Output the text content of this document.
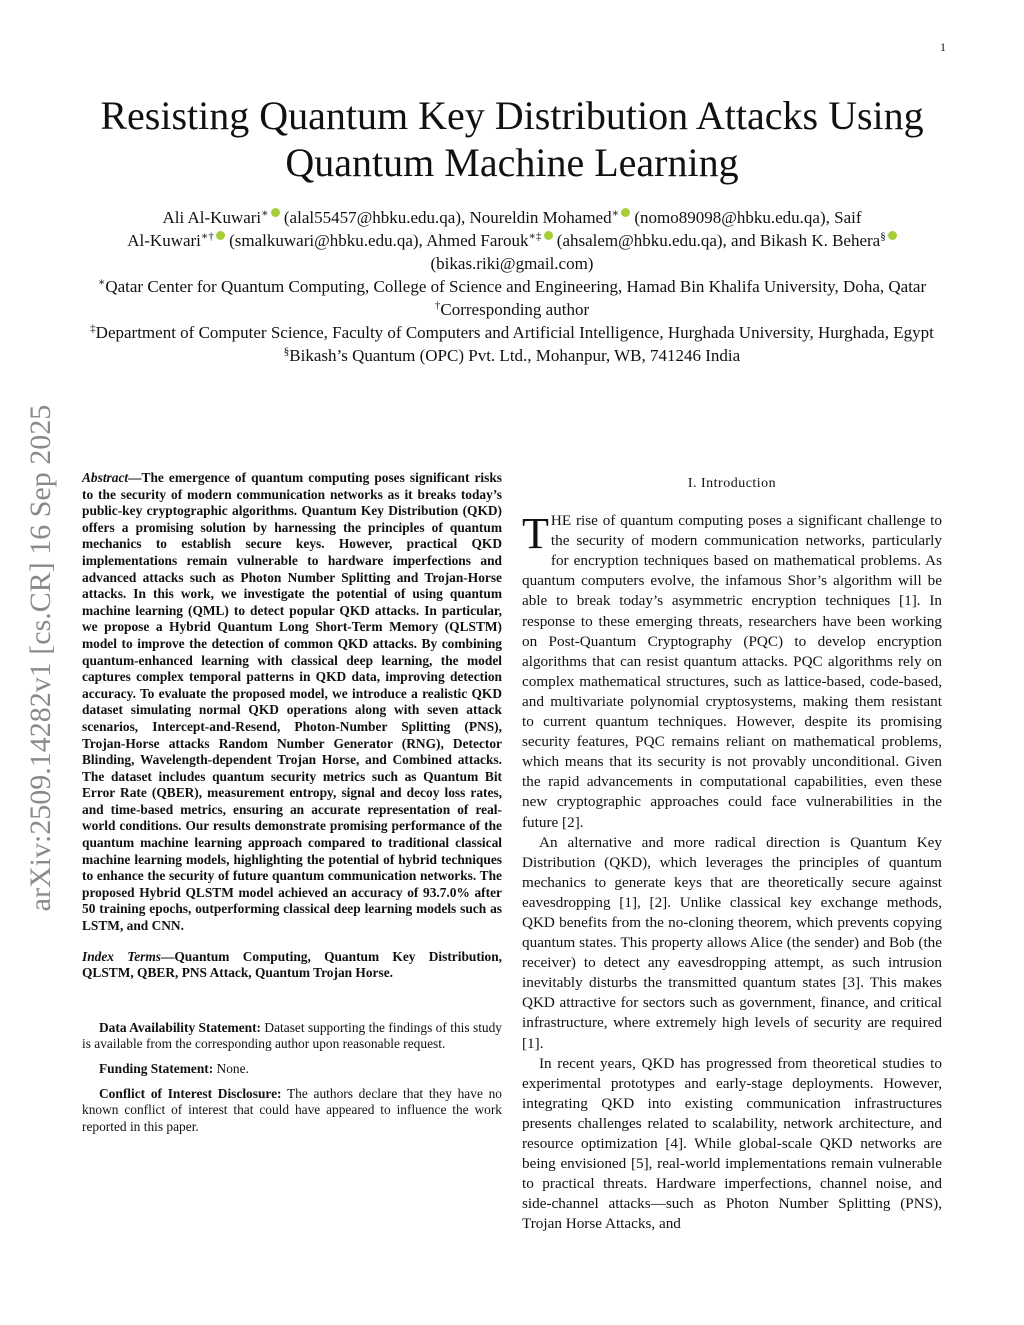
1
arXiv:2509.14282v1 [cs.CR] 16 Sep 2025
Resisting Quantum Key Distribution Attacks Using
Quantum Machine Learning

Ali Al-Kuwari∗ (alal55457@hbku.edu.qa), Noureldin Mohamed∗ (nomo89098@hbku.edu.qa), Saif

Al-Kuwari∗† (smalkuwari@hbku.edu.qa), Ahmed Farouk∗‡ (ahsalem@hbku.edu.qa), and Bikash K. Behera§

(bikas.riki@gmail.com)

∗Qatar Center for Quantum Computing, College of Science and Engineering, Hamad Bin Khalifa University, Doha, Qatar

†Corresponding author

‡Department of Computer Science, Faculty of Computers and Artificial Intelligence, Hurghada University, Hurghada, Egypt

§Bikash’s Quantum (OPC) Pvt. Ltd., Mohanpur, WB, 741246 India

Abstract—The emergence of quantum computing poses significant risks to the security of modern communication networks as it breaks today’s public-key cryptographic algorithms. Quantum Key Distribution (QKD) offers a promising solution by harnessing the principles of quantum mechanics to establish secure keys. However, practical QKD implementations remain vulnerable to hardware imperfections and advanced attacks such as Photon Number Splitting and Trojan-Horse attacks. In this work, we investigate the potential of using quantum machine learning (QML) to detect popular QKD attacks. In particular, we propose a Hybrid Quantum Long Short-Term Memory (QLSTM) model to improve the detection of common QKD attacks. By combining quantum-enhanced learning with classical deep learning, the model captures complex temporal patterns in QKD data, improving detection accuracy. To evaluate the proposed model, we introduce a realistic QKD dataset simulating normal QKD operations along with seven attack scenarios, Intercept-and-Resend, Photon-Number Splitting (PNS), Trojan-Horse attacks Random Number Generator (RNG), Detector Blinding, Wavelength-dependent Trojan Horse, and Combined attacks. The dataset includes quantum security metrics such as Quantum Bit Error Rate (QBER), measurement entropy, signal and decoy loss rates, and time-based metrics, ensuring an accurate representation of real-world conditions. Our results demonstrate promising performance of the quantum machine learning approach compared to traditional classical machine learning models, highlighting the potential of hybrid techniques to enhance the security of future quantum communication networks. The proposed Hybrid QLSTM model achieved an accuracy of 93.7.0% after 50 training epochs, outperforming classical deep learning models such as LSTM, and CNN.

Index Terms—Quantum Computing, Quantum Key Distribution, QLSTM, QBER, PNS Attack, Quantum Trojan Horse.

Data Availability Statement: Dataset supporting the findings of this study is available from the corresponding author upon reasonable request.

Funding Statement: None.

Conflict of Interest Disclosure: The authors declare that they have no known conflict of interest that could have appeared to influence the work reported in this paper.

I. Introduction

THE rise of quantum computing poses a significant challenge to the security of modern communication networks, particularly for encryption techniques based on mathematical problems. As quantum computers evolve, the infamous Shor’s algorithm will be able to break today’s asymmetric encryption techniques [1]. In response to these emerging threats, researchers have been working on Post-Quantum Cryptography (PQC) to develop encryption algorithms that can resist quantum attacks. PQC algorithms rely on complex mathematical structures, such as lattice-based, code-based, and multivariate polynomial cryptosystems, making them resistant to current quantum techniques. However, despite its promising security features, PQC remains reliant on mathematical problems, which means that its security is not provably unconditional. Given the rapid advancements in computational capabilities, even these new cryptographic approaches could face vulnerabilities in the future [2].

An alternative and more radical direction is Quantum Key Distribution (QKD), which leverages the principles of quantum mechanics to generate keys that are theoretically secure against eavesdropping [1], [2]. Unlike classical key exchange methods, QKD benefits from the no-cloning theorem, which prevents copying quantum states. This property allows Alice (the sender) and Bob (the receiver) to detect any eavesdropping attempt, as such intrusion inevitably disturbs the transmitted quantum states [3]. This makes QKD attractive for sectors such as government, finance, and critical infrastructure, where extremely high levels of security are required [1].

In recent years, QKD has progressed from theoretical studies to experimental prototypes and early-stage deployments. However, integrating QKD into existing communication infrastructures presents challenges related to scalability, network architecture, and resource optimization [4]. While global-scale QKD networks are being envisioned [5], real-world implementations remain vulnerable to practical threats. Hardware imperfections, channel noise, and side-channel attacks—such as Photon Number Splitting (PNS), Trojan Horse Attacks, and
